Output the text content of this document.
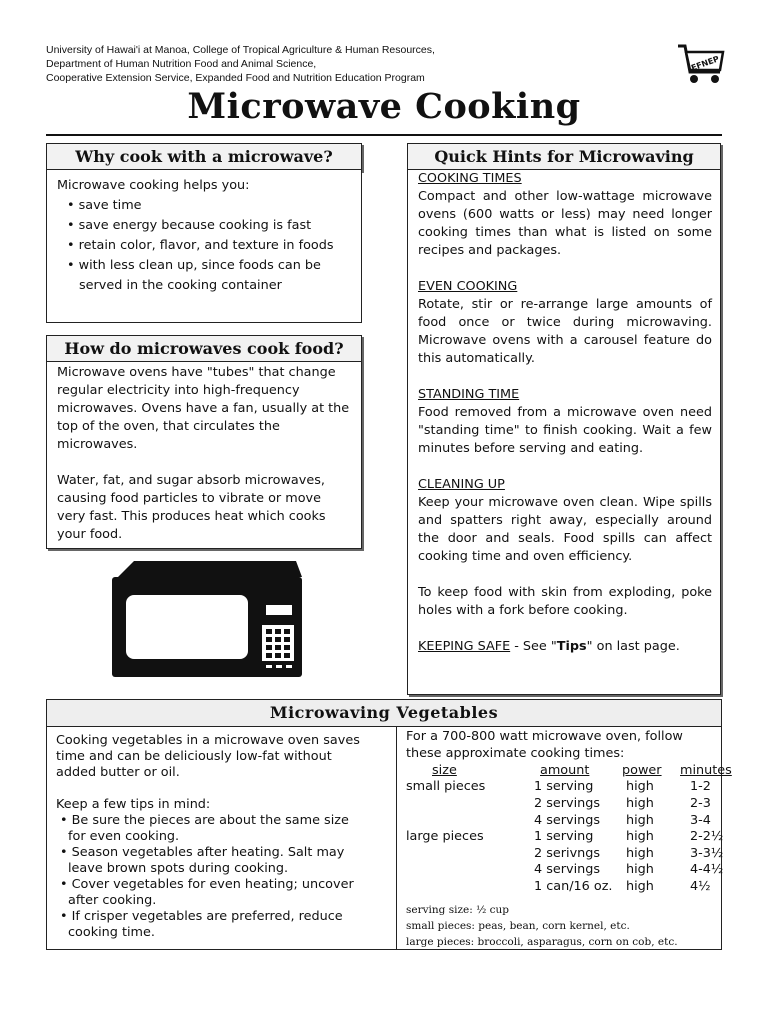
University of Hawai'i at Manoa, College of Tropical Agriculture & Human Resources,
Department of Human Nutrition Food and Animal Science,
Cooperative Extension Service, Expanded Food and Nutrition Education Program
EFNEP
Microwave Cooking
Why cook with a microwave?

Microwave cooking helps you:

• save time
• save energy because cooking is fast
• retain color, flavor, and texture in foods
• with less clean up, since foods can be served in the cooking container
How do microwaves cook food?

Microwave ovens have "tubes" that change regular electricity into high-frequency microwaves. Ovens have a fan, usually at the top of the oven, that circulates the microwaves.

Water, fat, and sugar absorb microwaves, causing food particles to vibrate or move very fast. This produces heat which cooks your food.

Quick Hints for Microwaving

COOKING TIMES

Compact and other low-wattage microwave ovens (600 watts or less) may need longer cooking times than what is listed on some recipes and packages.

EVEN COOKING

Rotate, stir or re-arrange large amounts of food once or twice during microwaving. Microwave ovens with a carousel feature do this automatically.

STANDING TIME

Food removed from a microwave oven need "standing time" to finish cooking. Wait a few minutes before serving and eating.

CLEANING UP

Keep your microwave oven clean. Wipe spills and spatters right away, especially around the door and seals. Food spills can affect cooking time and oven efficiency.

To keep food with skin from exploding, poke holes with a fork before cooking.

KEEPING SAFE - See "Tips" on last page.

Microwaving Vegetables

Cooking vegetables in a microwave oven saves time and can be deliciously low-fat without added butter or oil.

Keep a few tips in mind:

• Be sure the pieces are about the same size for even cooking.
• Season vegetables after heating. Salt may leave brown spots during cooking.
• Cover vegetables for even heating; uncover after cooking.
• If crisper vegetables are preferred, reduce cooking time.
For a 700-800 watt microwave oven, follow these approximate cooking times:
size	amount	power	minutes
small pieces	1 serving	high	1-2
	2 servings	high	2-3
	4 servings	high	3-4
large pieces	1 serving	high	2-2½
	2 serivngs	high	3-3½
	4 servings	high	4-4½
	1 can/16 oz.	high	4½
serving size: ½ cup
small pieces: peas, bean, corn kernel, etc.
large pieces: broccoli, asparagus, corn on cob, etc.
